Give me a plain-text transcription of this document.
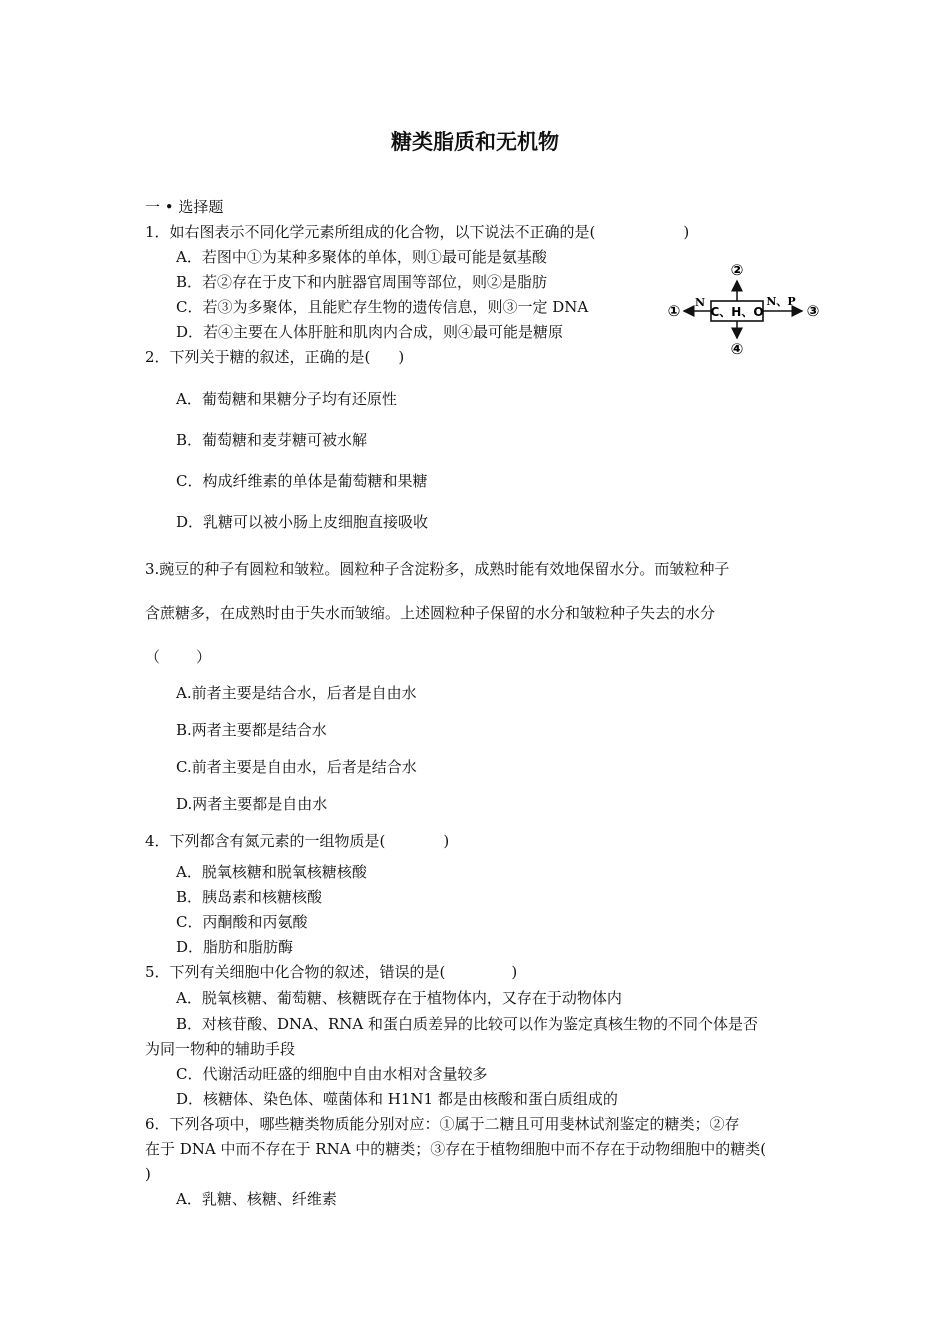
糖类脂质和无机物
一 • 选择题
1．如右图表示不同化学元素所组成的化合物，以下说法不正确的是(	)
A．若图中①为某种多聚体的单体，则①最可能是氨基酸
B．若②存在于皮下和内脏器官周围等部位，则②是脂肪
C．若③为多聚体，且能贮存生物的遗传信息，则③一定 DNA
D．若④主要在人体肝脏和肌肉内合成，则④最可能是糖原
C、H、O
②
④
N
①
N、P
③
2．下列关于糖的叙述，正确的是( )
A．葡萄糖和果糖分子均有还原性
B．葡萄糖和麦芽糖可被水解
C．构成纤维素的单体是葡萄糖和果糖
D．乳糖可以被小肠上皮细胞直接吸收
3.豌豆的种子有圆粒和皱粒。圆粒种子含淀粉多，成熟时能有效地保留水分。而皱粒种子
含蔗糖多，在成熟时由于失水而皱缩。上述圆粒种子保留的水分和皱粒种子失去的水分
（ ）
A.前者主要是结合水，后者是自由水
B.两者主要都是结合水
C.前者主要是自由水，后者是结合水
D.两者主要都是自由水
4．下列都含有氮元素的一组物质是(	)
A．脱氧核糖和脱氧核糖核酸
B．胰岛素和核糖核酸
C．丙酮酸和丙氨酸
D．脂肪和脂肪酶
5．下列有关细胞中化合物的叙述，错误的是(	)
A．脱氧核糖、葡萄糖、核糖既存在于植物体内，又存在于动物体内
B．对核苷酸、DNA、RNA 和蛋白质差异的比较可以作为鉴定真核生物的不同个体是否
为同一物种的辅助手段
C．代谢活动旺盛的细胞中自由水相对含量较多
D．核糖体、染色体、噬菌体和 H1N1 都是由核酸和蛋白质组成的
6．下列各项中，哪些糖类物质能分别对应：①属于二糖且可用斐林试剂鉴定的糖类；②存
在于 DNA 中而不存在于 RNA 中的糖类；③存在于植物细胞中而不存在于动物细胞中的糖类(
)
A．乳糖、核糖、纤维素
